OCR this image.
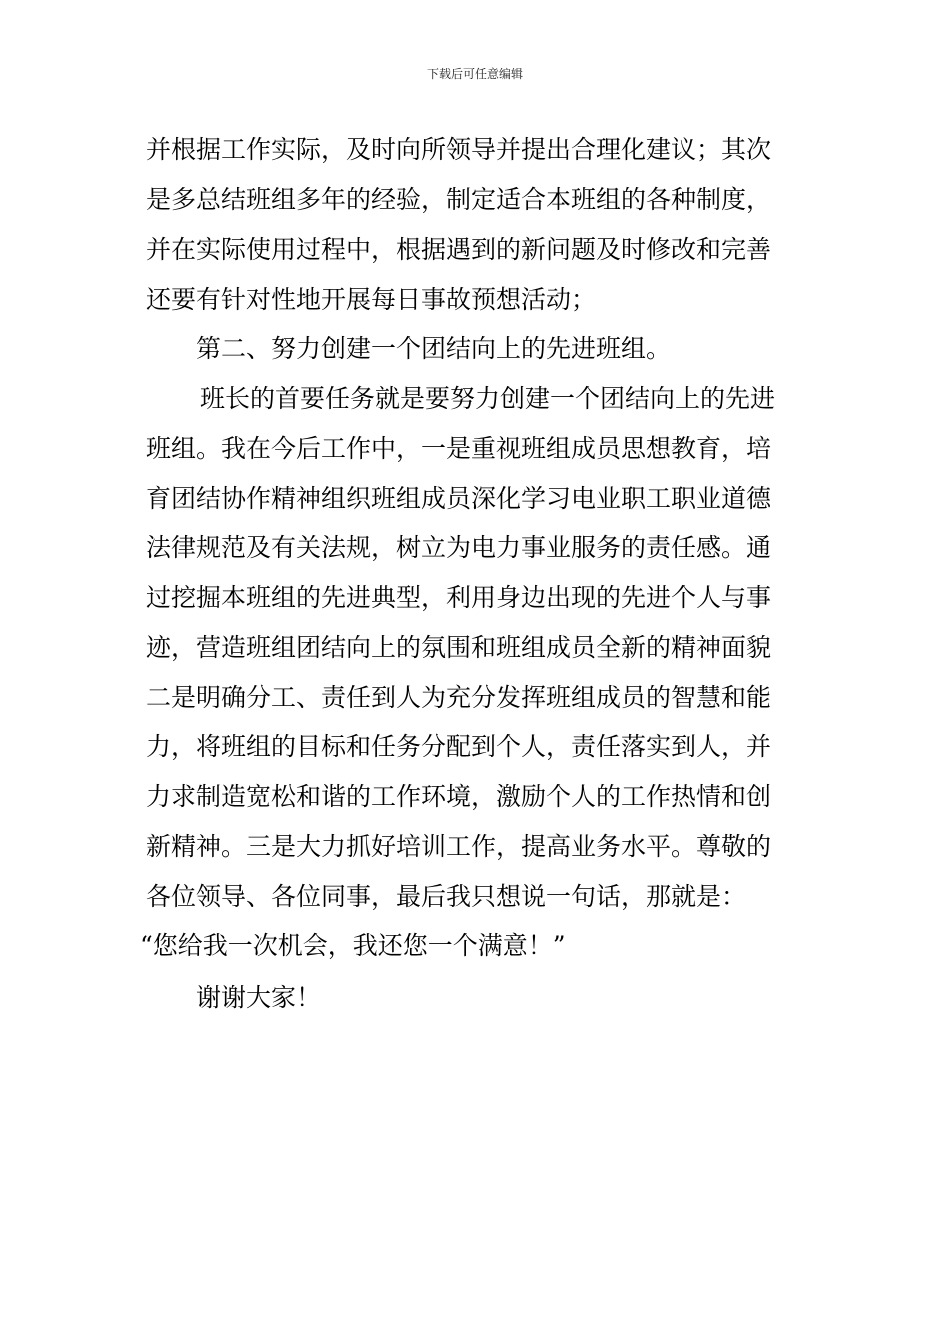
下载后可任意编辑
并根据工作实际，及时向所领导并提出合理化建议；其次
是多总结班组多年的经验，制定适合本班组的各种制度，
并在实际使用过程中，根据遇到的新问题及时修改和完善
还要有针对性地开展每日事故预想活动；
第二、努力创建一个团结向上的先进班组。
班长的首要任务就是要努力创建一个团结向上的先进
班组。我在今后工作中，一是重视班组成员思想教育，培
育团结协作精神组织班组成员深化学习电业职工职业道德
法律规范及有关法规，树立为电力事业服务的责任感。通
过挖掘本班组的先进典型，利用身边出现的先进个人与事
迹，营造班组团结向上的氛围和班组成员全新的精神面貌
二是明确分工、责任到人为充分发挥班组成员的智慧和能
力，将班组的目标和任务分配到个人，责任落实到人，并
力求制造宽松和谐的工作环境，激励个人的工作热情和创
新精神。三是大力抓好培训工作，提高业务水平。尊敬的
各位领导、各位同事，最后我只想说一句话，那就是：
“您给我一次机会，我还您一个满意！”
谢谢大家！
